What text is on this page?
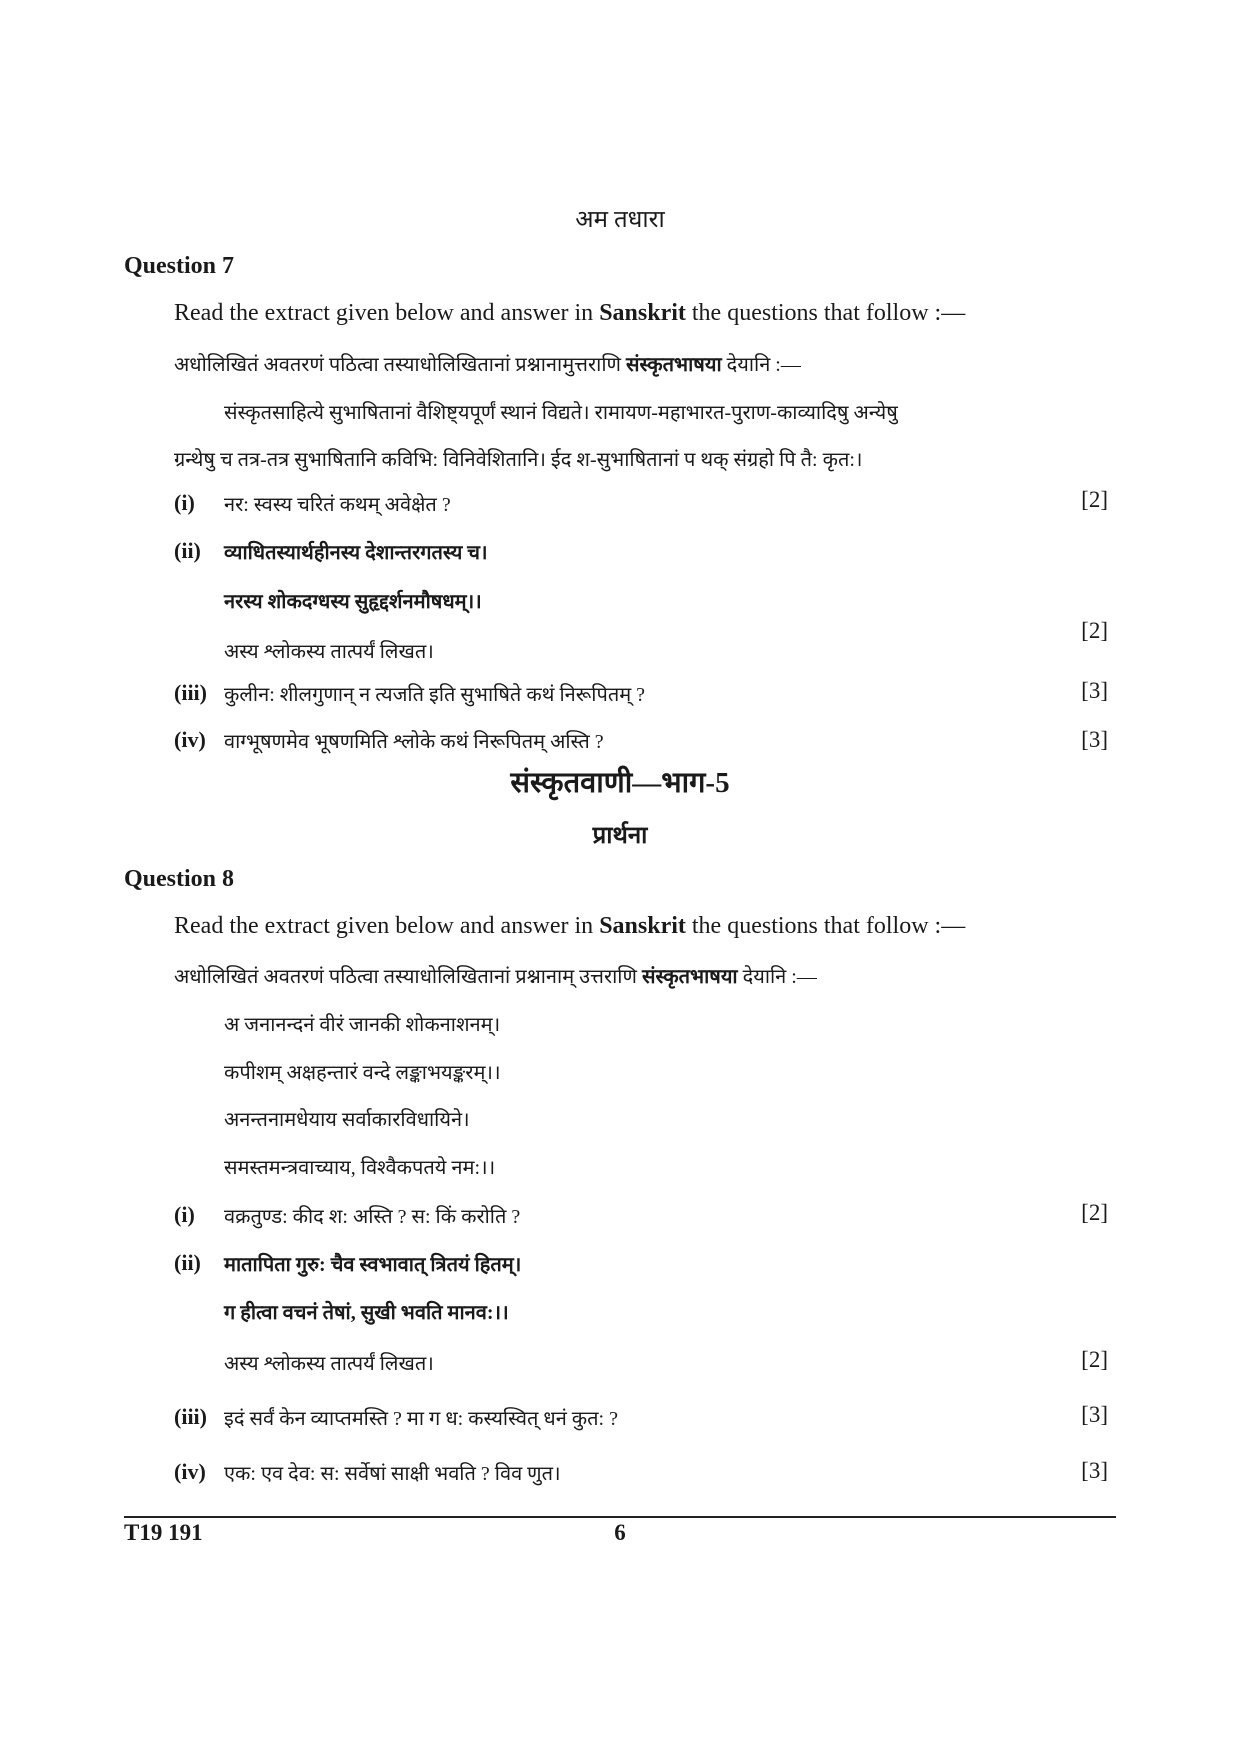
अम तधारा
Question 7
Read the extract given below and answer in Sanskrit the questions that follow :—
अधोलिखितं अवतरणं पठित्वा तस्याधोलिखितानां प्रश्नानामुत्तराणि संस्कृतभाषया देयानि :—
संस्कृतसाहित्ये सुभाषितानां वैशिष्ट्यपूर्णं स्थानं विद्यते। रामायण-महाभारत-पुराण-काव्यादिषु अन्येषु
ग्रन्थेषु च तत्र-तत्र सुभाषितानि कविभि: विनिवेशितानि। ईद श-सुभाषितानां प थक् संग्रहो पि तै: कृत:।
(i) नर: स्वस्य चरितं कथम् अवेक्षेत ?	[2]
(ii) व्याधितस्यार्थहीनस्य देशान्तरगतस्य च।
नरस्य शोकदग्धस्य सुहृद्दर्शनमौषधम्।।
अस्य श्लोकस्य तात्पर्यं लिखत।
[2]
(iii) कुलीन: शीलगुणान् न त्यजति इति सुभाषिते कथं निरूपितम् ?	[3]
(iv) वाग्भूषणमेव भूषणमिति श्लोके कथं निरूपितम् अस्ति ?	[3]
संस्कृतवाणी—भाग-5
प्रार्थना
Question 8
Read the extract given below and answer in Sanskrit the questions that follow :—
अधोलिखितं अवतरणं पठित्वा तस्याधोलिखितानां प्रश्नानाम् उत्तराणि संस्कृतभाषया देयानि :—
अ जनानन्दनं वीरं जानकी शोकनाशनम्।
कपीशम् अक्षहन्तारं वन्दे लङ्काभयङ्करम्।।
अनन्तनामधेयाय सर्वाकारविधायिने।
समस्तमन्त्रवाच्याय, विश्वैकपतये नम:।।
(i) वक्रतुण्ड: कीद श: अस्ति ? स: किं करोति ?	[2]
(ii) मातापिता गुरु: चैव स्वभावात् त्रितयं हितम्।
ग हीत्वा वचनं तेषां, सुखी भवति मानव:।।
अस्य श्लोकस्य तात्पर्यं लिखत।	[2]
(iii) इदं सर्वं केन व्याप्तमस्ति ? मा ग ध: कस्यस्वित् धनं कुत: ?	[3]
(iv) एक: एव देव: स: सर्वेषां साक्षी भवति ? विव णुत।	[3]
T19 191	6
